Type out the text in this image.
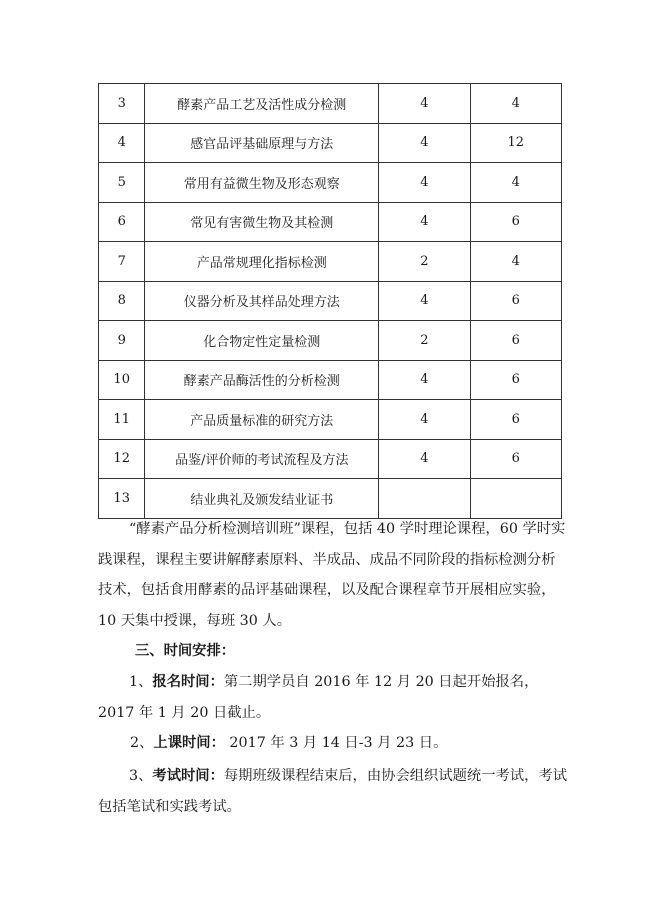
3	酵素产品工艺及活性成分检测	4	4
4	感官品评基础原理与方法	4	12
5	常用有益微生物及形态观察	4	4
6	常见有害微生物及其检测	4	6
7	产品常规理化指标检测	2	4
8	仪器分析及其样品处理方法	4	6
9	化合物定性定量检测	2	6
10	酵素产品酶活性的分析检测	4	6
11	产品质量标准的研究方法	4	6
12	品鉴/评价师的考试流程及方法	4	6
13	结业典礼及颁发结业证书		

“酵素产品分析检测培训班”课程，包括 40 学时理论课程，60 学时实践课程，课程主要讲解酵素原料、半成品、成品不同阶段的指标检测分析技术，包括食用酵素的品评基础课程，以及配合课程章节开展相应实验，10 天集中授课，每班 30 人。

三、时间安排：

1、报名时间：第二期学员自 2016 年 12 月 20 日起开始报名，2017 年 1 月 20 日截止。

2、上课时间： 2017 年 3 月 14 日-3 月 23 日。

3、考试时间：每期班级课程结束后，由协会组织试题统一考试，考试包括笔试和实践考试。
